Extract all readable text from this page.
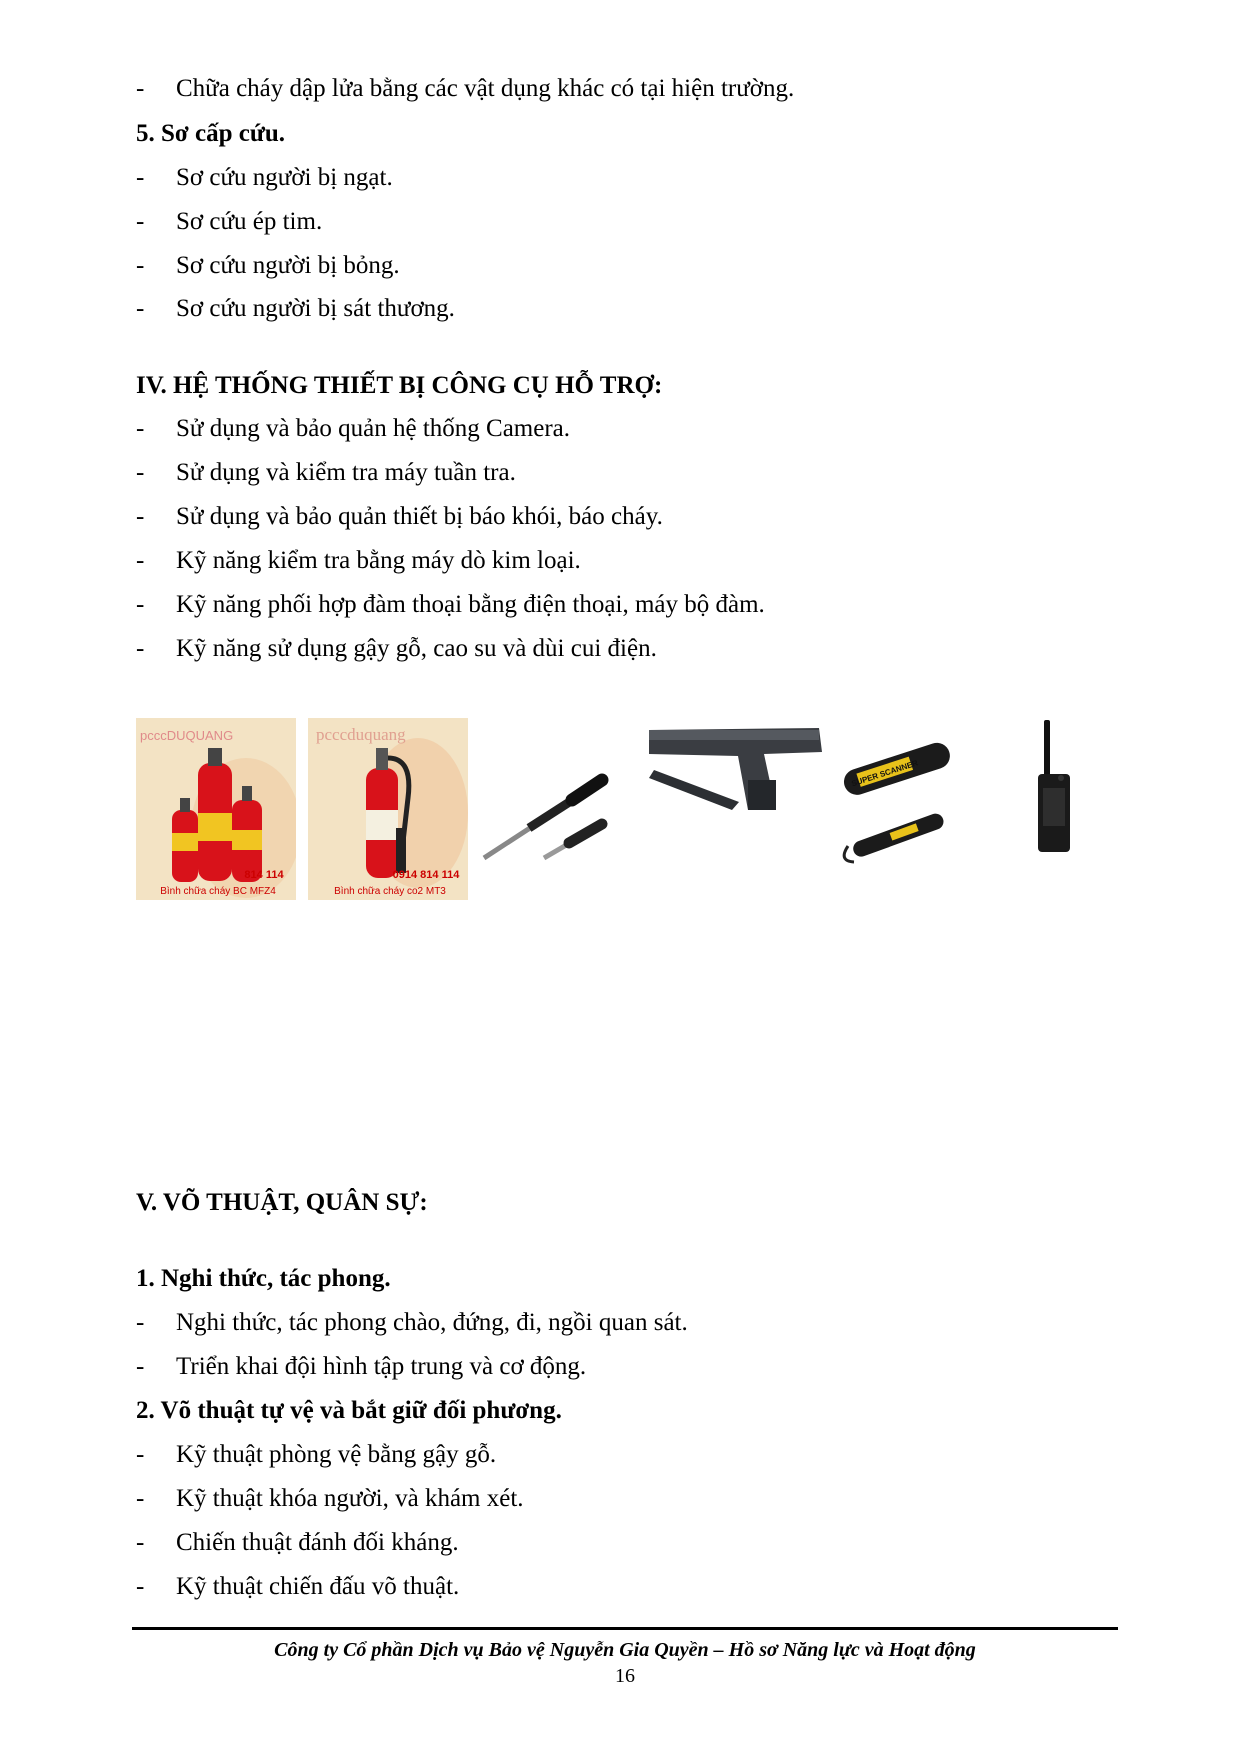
- Chữa cháy dập lửa bằng các vật dụng khác có tại hiện trường.
5. Sơ cấp cứu.
- Sơ cứu người bị ngạt.
- Sơ cứu ép tim.
- Sơ cứu người bị bỏng.
- Sơ cứu người bị sát thương.
IV. HỆ THỐNG THIẾT BỊ CÔNG CỤ HỖ TRỢ:
- Sử dụng và bảo quản hệ thống Camera.
- Sử dụng và kiểm tra máy tuần tra.
- Sử dụng và bảo quản thiết bị báo khói, báo cháy.
- Kỹ năng kiểm tra bằng máy dò kim loại.
- Kỹ năng phối hợp đàm thoại bằng điện thoại, máy bộ đàm.
- Kỹ năng sử dụng gậy gỗ, cao su và dùi cui điện.
V. VÕ THUẬT, QUÂN SỰ:
1. Nghi thức, tác phong.
- Nghi thức, tác phong chào, đứng, đi, ngồi quan sát.
- Triển khai đội hình tập trung và cơ động.
2. Võ thuật tự vệ và bắt giữ đối phương.
- Kỹ thuật phòng vệ bằng gậy gỗ.
- Kỹ thuật khóa người, và khám xét.
- Chiến thuật đánh đối kháng.
- Kỹ thuật chiến đấu võ thuật.
pcccDUQUANG
814 114
Bình chữa cháy BC MFZ4
pcccduquang
0914 814 114
Bình chữa cháy co2 MT3
SUPER SCANNER
Công ty Cổ phần Dịch vụ Bảo vệ Nguyễn Gia Quyền – Hồ sơ Năng lực và Hoạt động
16
